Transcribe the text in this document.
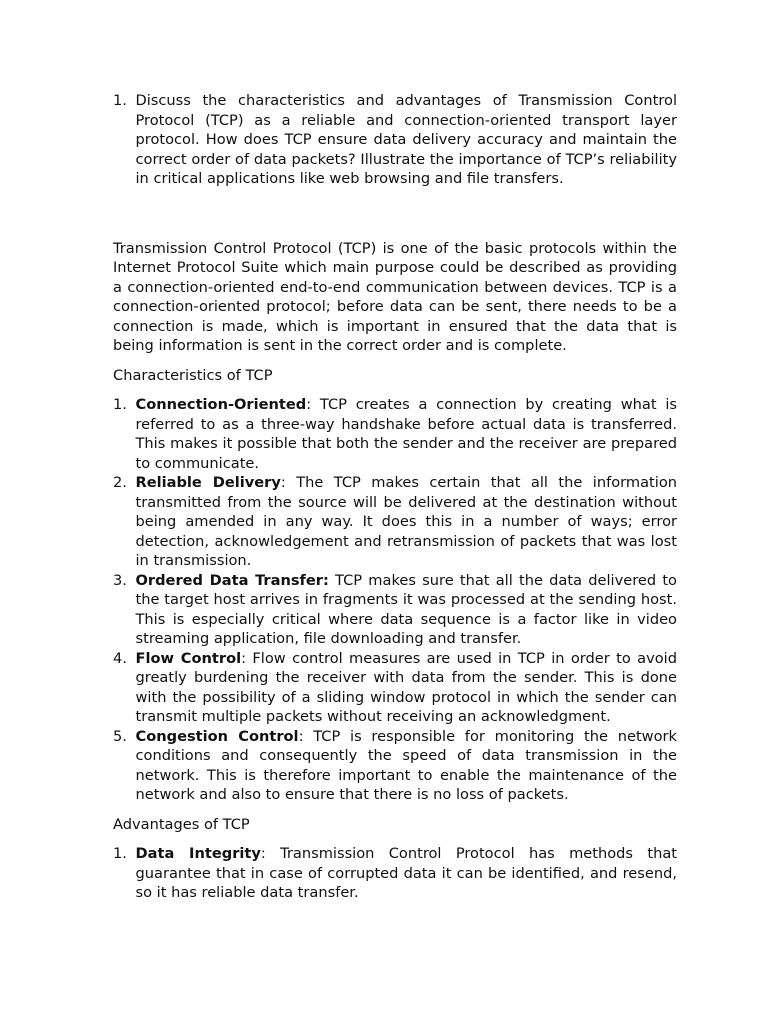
1. Discuss the characteristics and advantages of Transmission Control Protocol (TCP) as a reliable and connection-oriented transport layer protocol. How does TCP ensure data delivery accuracy and maintain the correct order of data packets? Illustrate the importance of TCP’s reliability in critical applications like web browsing and file transfers.

Transmission Control Protocol (TCP) is one of the basic protocols within the Internet Protocol Suite which main purpose could be described as providing a connection-oriented end-to-end communication between devices. TCP is a connection-oriented protocol; before data can be sent, there needs to be a connection is made, which is important in ensured that the data that is being information is sent in the correct order and is complete.

Characteristics of TCP

1. Connection-Oriented: TCP creates a connection by creating what is referred to as a three-way handshake before actual data is transferred. This makes it possible that both the sender and the receiver are prepared to communicate.
2. Reliable Delivery: The TCP makes certain that all the information transmitted from the source will be delivered at the destination without being amended in any way. It does this in a number of ways; error detection, acknowledgement and retransmission of packets that was lost in transmission.
3. Ordered Data Transfer: TCP makes sure that all the data delivered to the target host arrives in fragments it was processed at the sending host. This is especially critical where data sequence is a factor like in video streaming application, file downloading and transfer.
4. Flow Control: Flow control measures are used in TCP in order to avoid greatly burdening the receiver with data from the sender. This is done with the possibility of a sliding window protocol in which the sender can transmit multiple packets without receiving an acknowledgment.
5. Congestion Control: TCP is responsible for monitoring the network conditions and consequently the speed of data transmission in the network. This is therefore important to enable the maintenance of the network and also to ensure that there is no loss of packets.

Advantages of TCP

1. Data Integrity: Transmission Control Protocol has methods that guarantee that in case of corrupted data it can be identified, and resend, so it has reliable data transfer.
